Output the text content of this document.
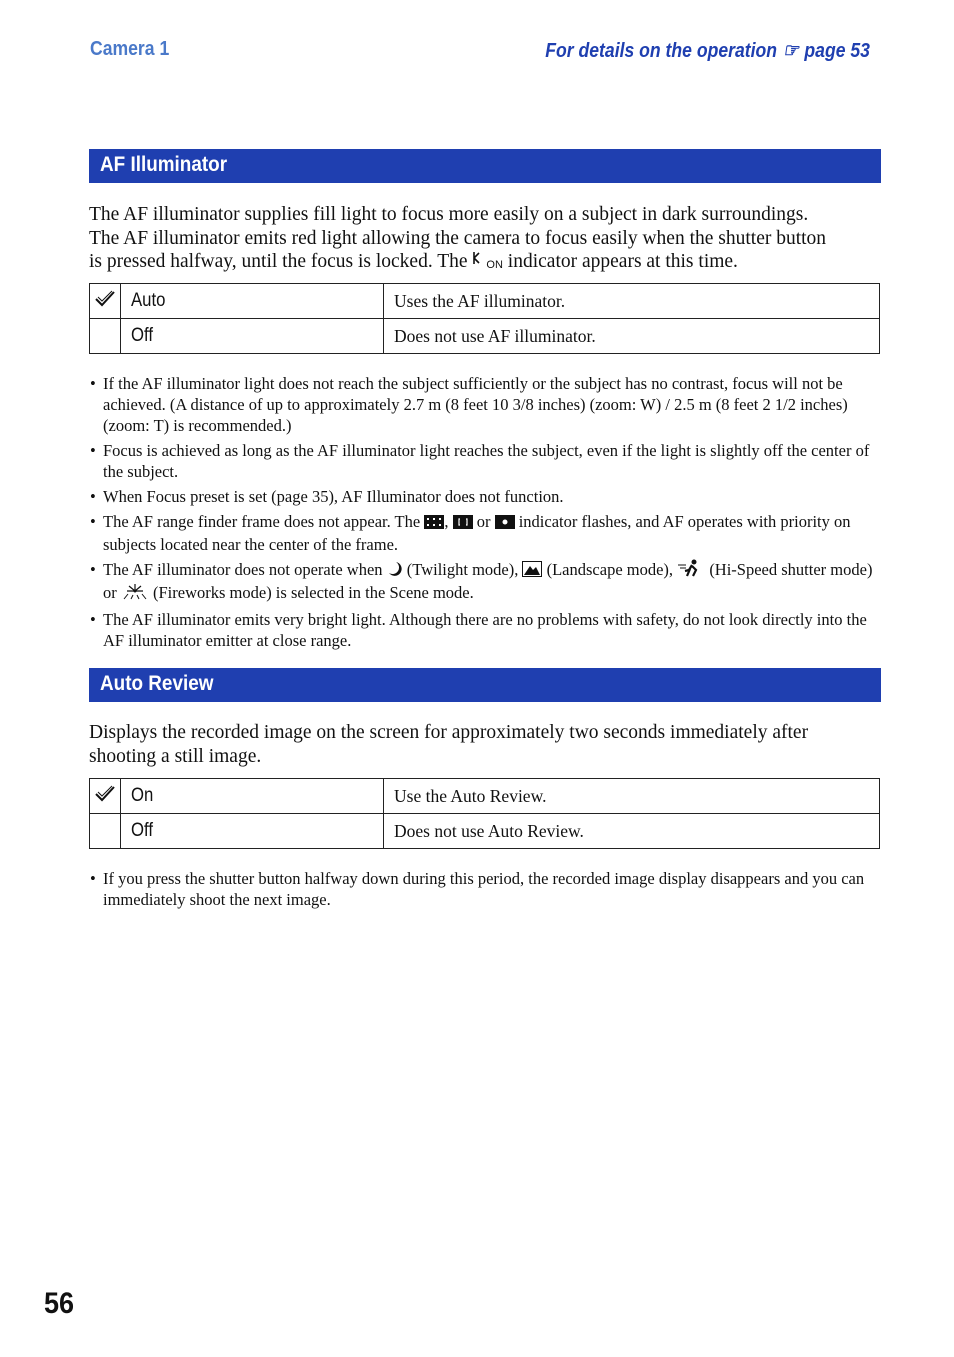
Camera 1	For details on the operation ☞ page 53
AF Illuminator
The AF illuminator supplies fill light to focus more easily on a subject in dark surroundings.
The AF illuminator emits red light allowing the camera to focus easily when the shutter button
is pressed halfway, until the focus is locked. The ON indicator appears at this time.
	Auto	Uses the AF illuminator.
	Off	Does not use AF illuminator.
• If the AF illuminator light does not reach the subject sufficiently or the subject has no contrast, focus will not be achieved. (A distance of up to approximately 2.7 m (8 feet 10 3/8 inches) (zoom: W) / 2.5 m (8 feet 2 1/2 inches) (zoom: T) is recommended.)
• Focus is achieved as long as the AF illuminator light reaches the subject, even if the light is slightly off the center of the subject.
• When Focus preset is set (page 35), AF Illuminator does not function.
• The AF range finder frame does not appear. The , or indicator flashes, and AF operates with priority on subjects located near the center of the frame.
• The AF illuminator does not operate when (Twilight mode), (Landscape mode), (Hi-Speed shutter mode) or (Fireworks mode) is selected in the Scene mode.
• The AF illuminator emits very bright light. Although there are no problems with safety, do not look directly into the AF illuminator emitter at close range.
Auto Review
Displays the recorded image on the screen for approximately two seconds immediately after shooting a still image.
	On	Use the Auto Review.
	Off	Does not use Auto Review.
• If you press the shutter button halfway down during this period, the recorded image display disappears and you can immediately shoot the next image.
56
